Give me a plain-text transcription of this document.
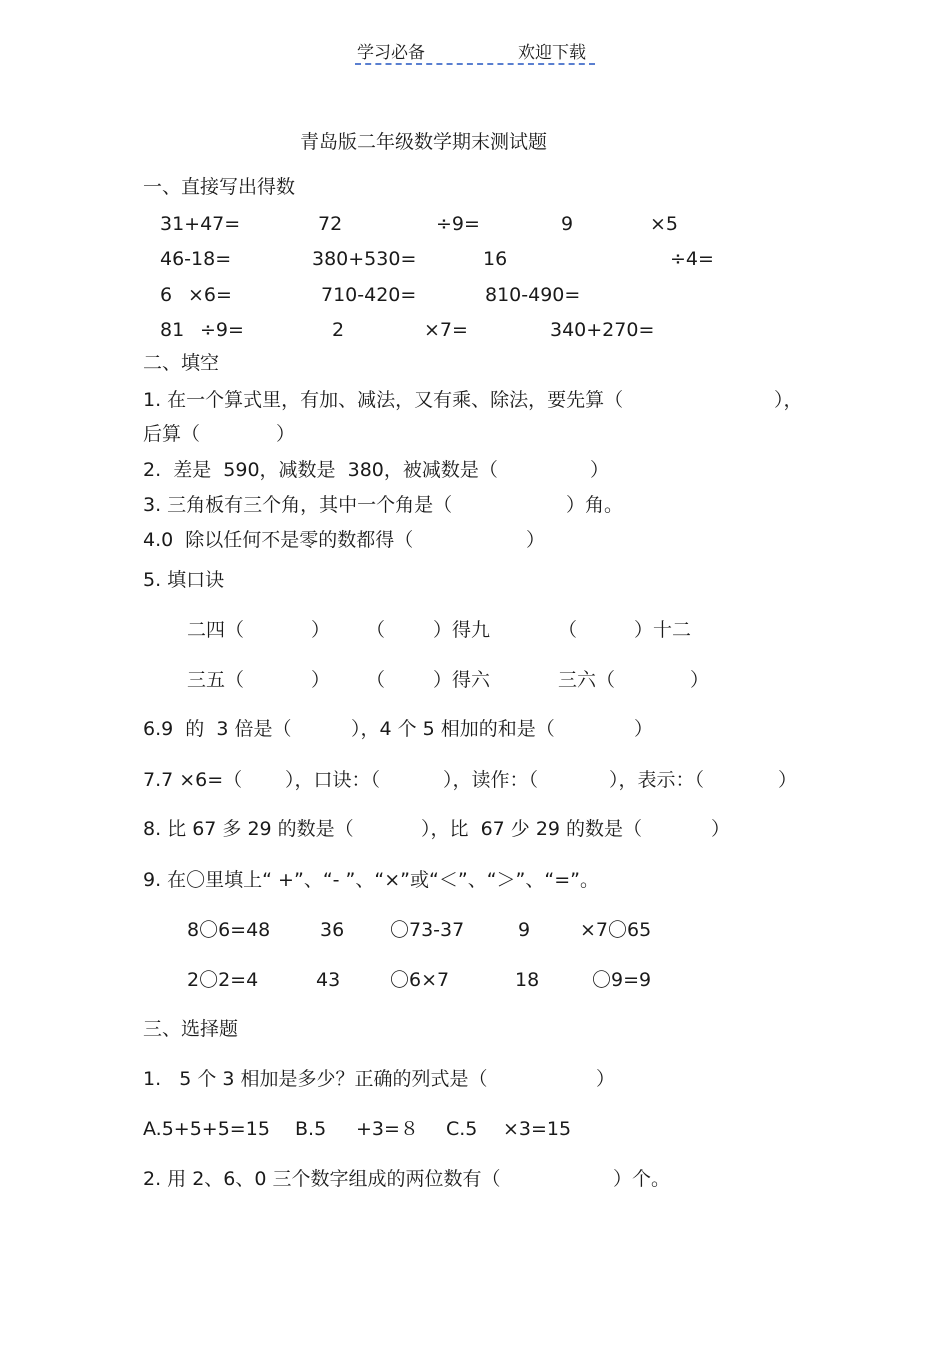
学习必备	欢迎下载
青岛版二年级数学期末测试题
一、直接写出得数
31+47=	72	÷9=	9	×5
46-18=	380+530=	16	÷4=
6 ×6=	710-420=	810-490=
81 ÷9=	2	×7=	340+270=
二、填空
1. 在一个算式里，有加、减法，又有乘、除法，要先算（	），
后算（	）
2.  差是  590，减数是  380，被减数是（	）
3. 三角板有三个角，其中一个角是（	）角。
4.0  除以任何不是零的数都得（	）
5. 填口诀
二四（	） （	）得九	（	）十二
三五（	） （	）得六	三六（	）
6.9  的  3 倍是（	），4 个 5 相加的和是（	）
7.7 ×6=（ ），口诀：（	），读作：（	），表示：（	）
8. 比 67 多 29 的数是（	），比  67 少 29 的数是（	）
9. 在〇里填上“ +”、“- ”、“×”或“＜”、“＞”、“=”。
8〇6=48	36 〇73-37	9	×7〇65
2〇2=4	43	〇6×7	18	〇9=9
三、选择题
1.   5 个 3 相加是多少？正确的列式是（	）
A.5+5+5=15 B.5 +3=８ C.5 ×3=15
2. 用 2、6、0 三个数字组成的两位数有（	）个。
